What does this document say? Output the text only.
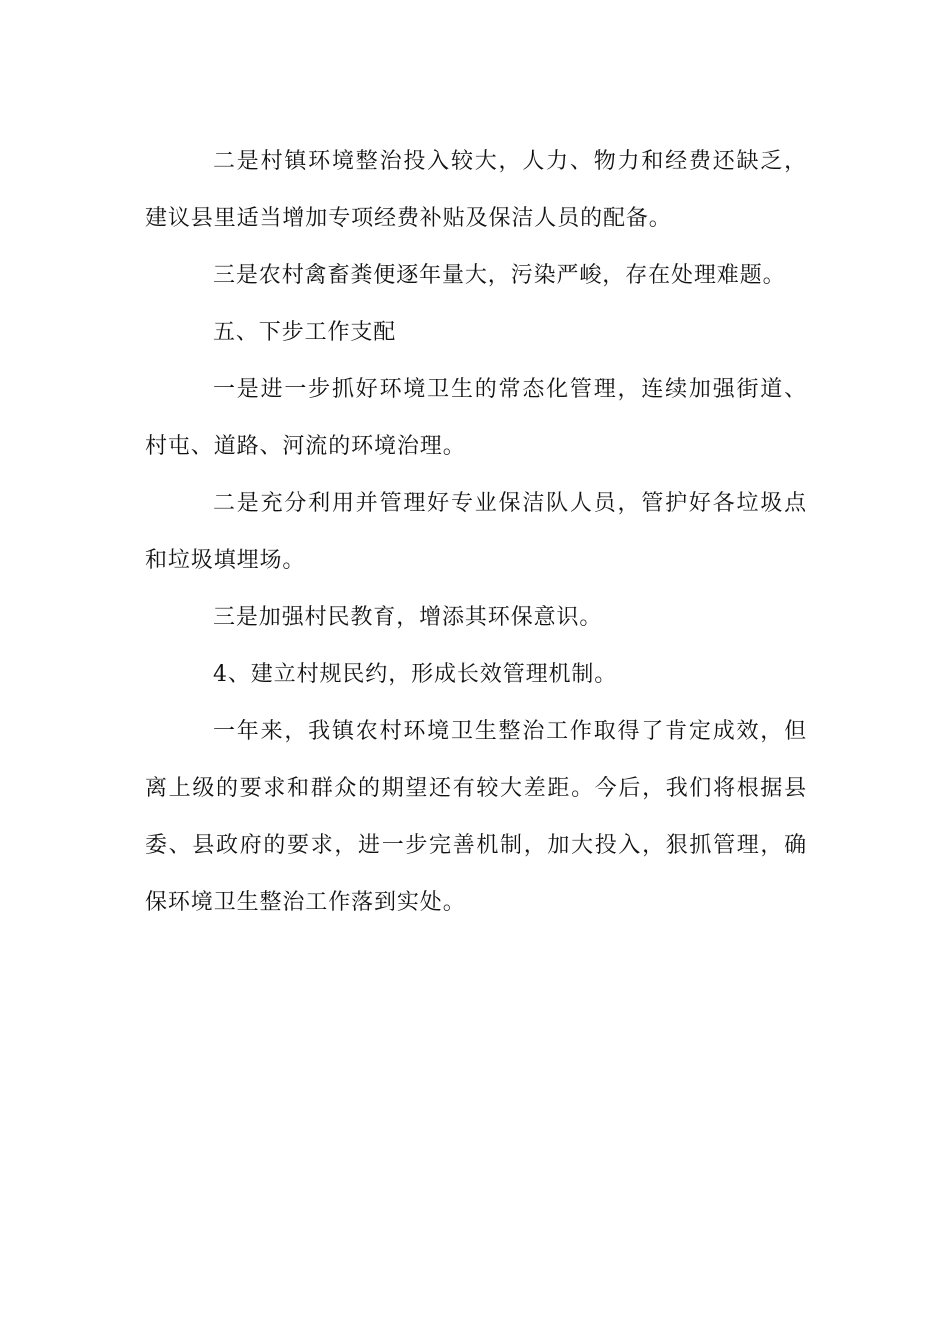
二是村镇环境整治投入较大，人力、物力和经费还缺乏，建议县里适当增加专项经费补贴及保洁人员的配备。

三是农村禽畜粪便逐年量大，污染严峻，存在处理难题。

五、下步工作支配

一是进一步抓好环境卫生的常态化管理，连续加强街道、村屯、道路、河流的环境治理。

二是充分利用并管理好专业保洁队人员，管护好各垃圾点和垃圾填埋场。

三是加强村民教育，增添其环保意识。

4、建立村规民约，形成长效管理机制。

一年来，我镇农村环境卫生整治工作取得了肯定成效，但离上级的要求和群众的期望还有较大差距。今后，我们将根据县委、县政府的要求，进一步完善机制，加大投入，狠抓管理，确保环境卫生整治工作落到实处。
